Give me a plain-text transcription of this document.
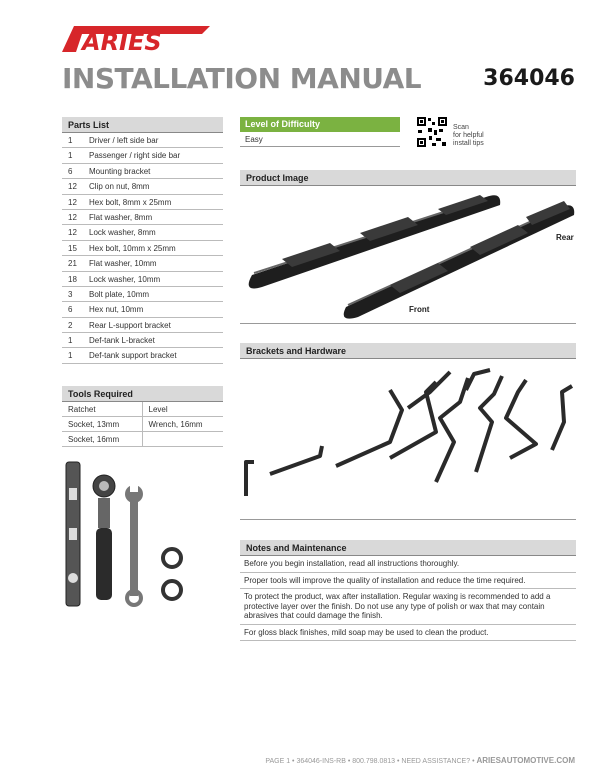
ARIES
INSTALLATION MANUAL	364046
Parts List
1	Driver / left side bar
1	Passenger / right side bar
6	Mounting bracket
12	Clip on nut, 8mm
12	Hex bolt, 8mm x 25mm
12	Flat washer, 8mm
12	Lock washer, 8mm
15	Hex bolt, 10mm x 25mm
21	Flat washer, 10mm
18	Lock washer, 10mm
3	Bolt plate, 10mm
6	Hex nut, 10mm
2	Rear L-support bracket
1	Def-tank L-bracket
1	Def-tank support bracket
Tools Required
Ratchet	Level
Socket, 13mm	Wrench, 16mm
Socket, 16mm
Level of Difficulty
Easy
Scan
for helpful
install tips
Product Image
Rear
Front
Brackets and Hardware
Notes and Maintenance
Before you begin installation, read all instructions thoroughly.
Proper tools will improve the quality of installation and reduce the time required.
To protect the product, wax after installation. Regular waxing is recommended to add a protective layer over the finish. Do not use any type of polish or wax that may contain abrasives that could damage the finish.
For gloss black finishes, mild soap may be used to clean the product.
PAGE 1 • 364046-INS-RB • 800.798.0813 • NEED ASSISTANCE? • ARIESAUTOMOTIVE.COM
